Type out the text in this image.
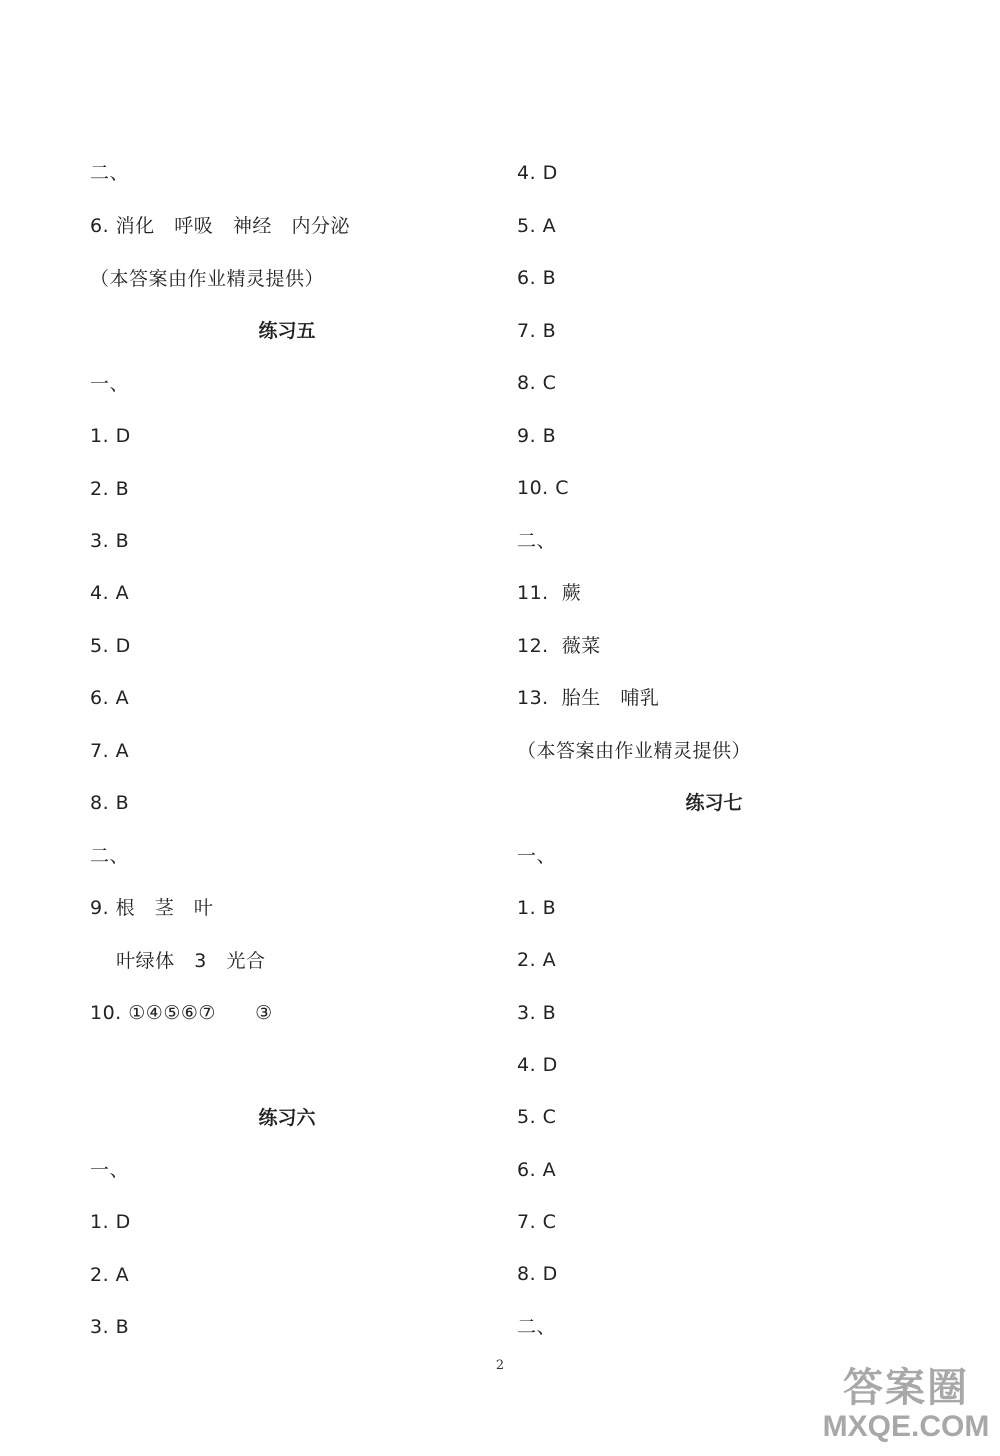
二、
6. 消化   呼吸   神经   内分泌
（本答案由作业精灵提供）
练习五
一、
1. D
2. B
3. B
4. A
5. D
6. A
7. A
8. B
二、
9. 根   茎   叶
叶绿体   3   光合
10. ①④⑤⑥⑦      ③
练习六
一、
1. D
2. A
3. B
4. D
5. A
6. B
7. B
8. C
9. B
10. C
二、
11.  蕨
12.  薇菜
13.  胎生   哺乳
（本答案由作业精灵提供）
练习七
一、
1. B
2. A
3. B
4. D
5. C
6. A
7. C
8. D
二、
2	答案圈
MXQE.COM
